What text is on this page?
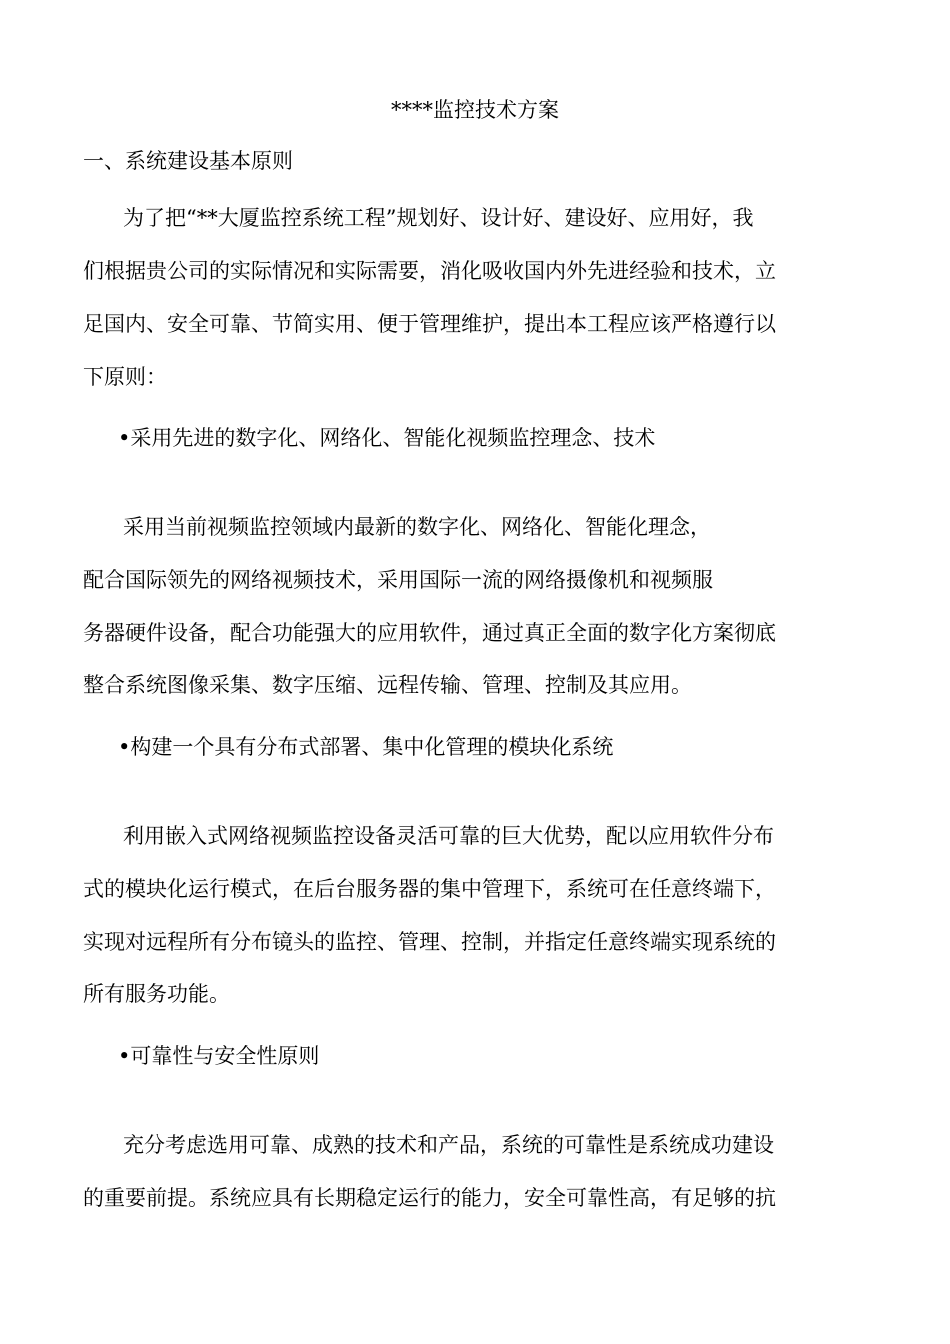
****监控技术方案
一、系统建设基本原则
为了把“**大厦监控系统工程”规划好、设计好、建设好、应用好，我
们根据贵公司的实际情况和实际需要，消化吸收国内外先进经验和技术，立
足国内、安全可靠、节简实用、便于管理维护，提出本工程应该严格遵行以
下原则：
•采用先进的数字化、网络化、智能化视频监控理念、技术
采用当前视频监控领域内最新的数字化、网络化、智能化理念，
配合国际领先的网络视频技术，采用国际一流的网络摄像机和视频服
务器硬件设备，配合功能强大的应用软件，通过真正全面的数字化方案彻底
整合系统图像采集、数字压缩、远程传输、管理、控制及其应用。
•构建一个具有分布式部署、集中化管理的模块化系统
利用嵌入式网络视频监控设备灵活可靠的巨大优势，配以应用软件分布
式的模块化运行模式，在后台服务器的集中管理下，系统可在任意终端下，
实现对远程所有分布镜头的监控、管理、控制，并指定任意终端实现系统的
所有服务功能。
•可靠性与安全性原则
充分考虑选用可靠、成熟的技术和产品，系统的可靠性是系统成功建设
的重要前提。系统应具有长期稳定运行的能力，安全可靠性高，有足够的抗
